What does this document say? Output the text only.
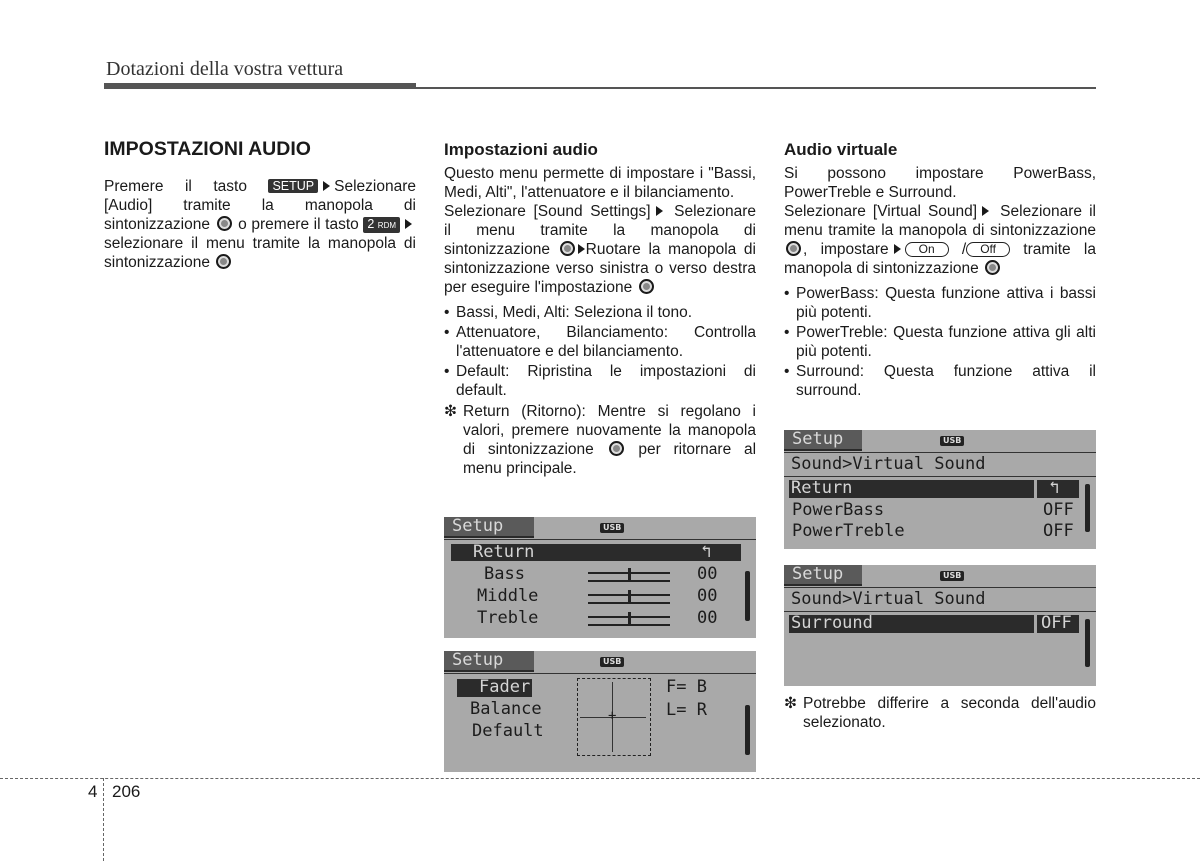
Dotazioni della vostra vettura
IMPOSTAZIONI AUDIO

Premere il tasto SETUP Selezionare [Audio] tramite la manopola di sintonizzazione o premere il tasto 2 RDMselezionare il menu tramite la manopola di sintonizzazione

Impostazioni audio

Questo menu permette di impostare i "Bassi, Medi, Alti", l'attenuatore e il bilanciamento.

Selezionare [Sound Settings] Selezionare il menu tramite la manopola di sintonizzazione Ruotare la manopola di sintonizzazione verso sinistra o verso destra per eseguire l'impostazione

• Bassi, Medi, Alti: Seleziona il tono.
• Attenuatore, Bilanciamento: Controlla l'attenuatore e del bilanciamento.
• Default: Ripristina le impostazioni di default.
❇ Return (Ritorno): Mentre si regolano i valori, premere nuovamente la manopola di sintonizzazione	per ritornare al menu principale.
Audio virtuale

Si possono impostare PowerBass, PowerTreble e Surround.

Selezionare [Virtual Sound] Selezionare il menu tramite la manopola di sintonizzazione , impostare	On / Off tramite la manopola di sintonizzazione

• PowerBass: Questa funzione attiva i bassi più potenti.
• PowerTreble: Questa funzione attiva gli alti più potenti.
• Surround: Questa funzione attiva il surround.
❇ Potrebbe differire a seconda dell'audio selezionato.
Setup	USB
Return	↰
Bass	00
Middle	00
Treble	00
Setup	USB
Fader
Balance
Default
+
F= B
L= R
Setup	USB
Sound>Virtual Sound
Return	↰
PowerBass	OFF
PowerTreble	OFF
Setup	USB
Sound>Virtual Sound
Surround	OFF
4 206
